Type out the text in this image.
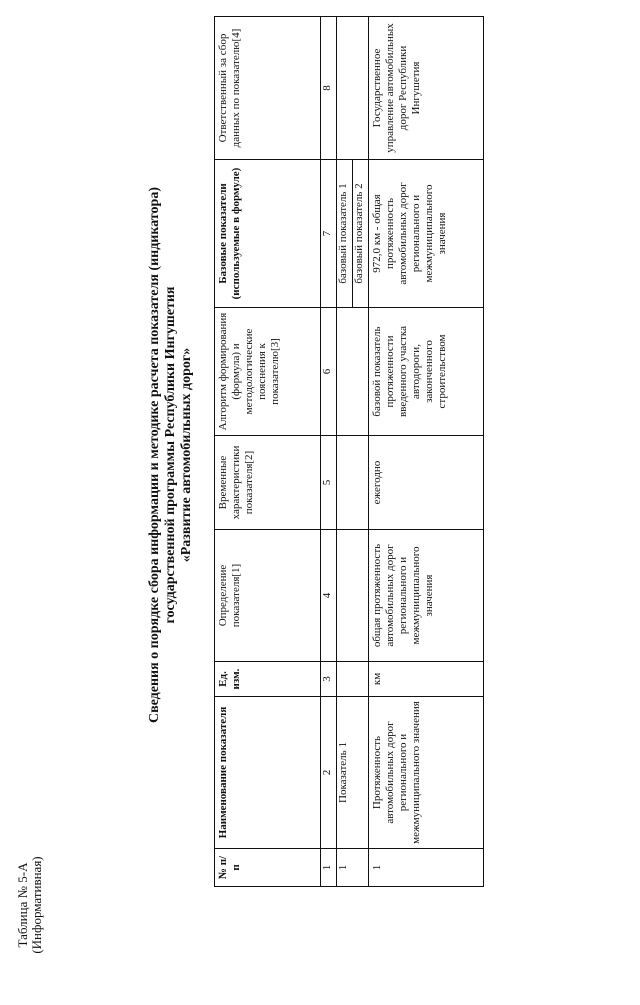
Таблица № 5-А (Информативная)
Сведения о порядке сбора информации и методике расчета показателя (индикатора) государственной программы Республики Ингушетия «Развитие автомобильных дорог»
№ п/п	Наименование показателя	Ед. изм.	Определение показателя[1]	Временные характеристики показателя[2]	Алгоритм формирования (формула) и методологические пояснения к показателю[3]	Базовые показатели (используемые в формуле)	Ответственный за сбор данных по показателю[4]
1	2	3	4	5	6	7	8
1	Показатель 1					базовый показатель 1	
						базовый показатель 2	
1	Протяженность автомобильных дорог регионального и межмуниципального значения	км	общая протяженность автомобильных дорог регионального и межмуниципального значения	ежегодно	базовой показатель протяженности введенного участка автодороги, законченного строительством	972,0 км - общая протяженность автомобильных дорог регионального и межмуниципального значения	Государственное управление автомобильных дорог Республики Ингушетия
